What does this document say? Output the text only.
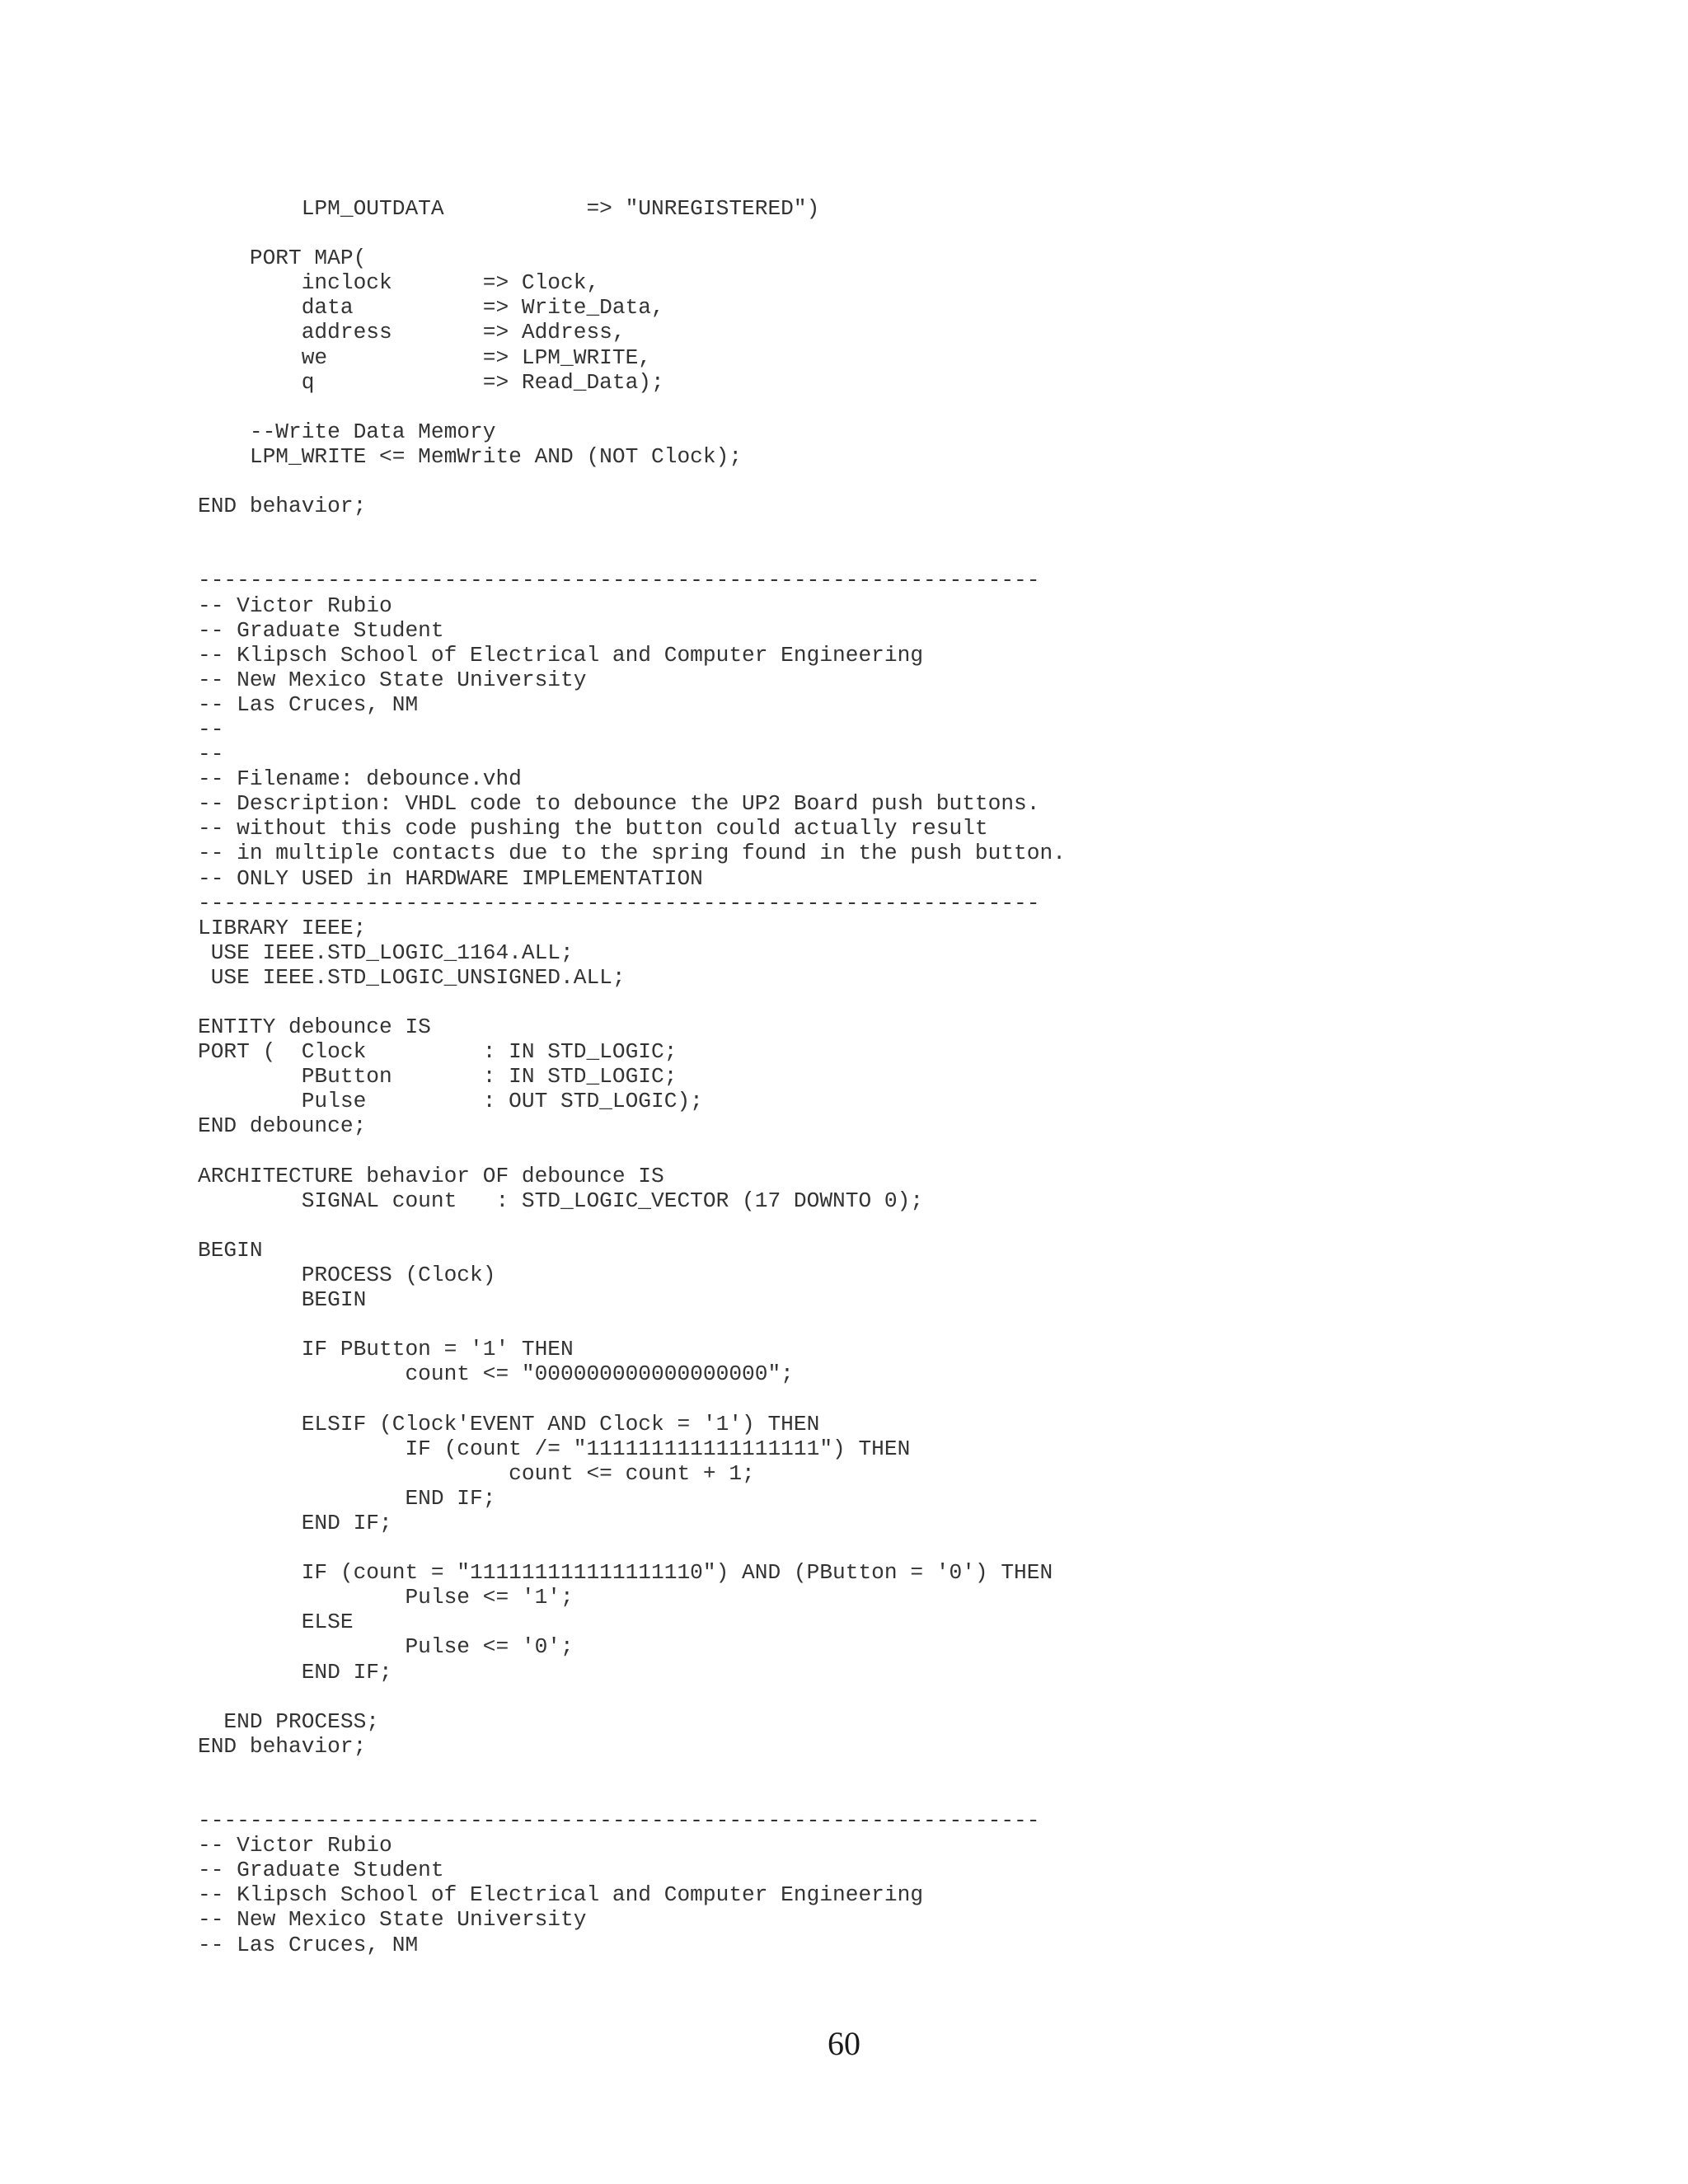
LPM_OUTDATA           => "UNREGISTERED")

PORT MAP(
inclock       => Clock,
data          => Write_Data,
address       => Address,
we            => LPM_WRITE,
q             => Read_Data);

--Write Data Memory
LPM_WRITE <= MemWrite AND (NOT Clock);

END behavior;

-----------------------------------------------------------------
-- Victor Rubio
-- Graduate Student
-- Klipsch School of Electrical and Computer Engineering
-- New Mexico State University
-- Las Cruces, NM
--
--
-- Filename: debounce.vhd
-- Description: VHDL code to debounce the UP2 Board push buttons.
-- without this code pushing the button could actually result
-- in multiple contacts due to the spring found in the push button.
-- ONLY USED in HARDWARE IMPLEMENTATION
-----------------------------------------------------------------
LIBRARY IEEE;
USE IEEE.STD_LOGIC_1164.ALL;
USE IEEE.STD_LOGIC_UNSIGNED.ALL;

ENTITY debounce IS
PORT (  Clock         : IN STD_LOGIC;
PButton       : IN STD_LOGIC;
Pulse         : OUT STD_LOGIC);
END debounce;

ARCHITECTURE behavior OF debounce IS
SIGNAL count   : STD_LOGIC_VECTOR (17 DOWNTO 0);

BEGIN
PROCESS (Clock)
BEGIN

IF PButton = '1' THEN
count <= "000000000000000000";

ELSIF (Clock'EVENT AND Clock = '1') THEN
IF (count /= "111111111111111111") THEN
count <= count + 1;
END IF;
END IF;

IF (count = "111111111111111110") AND (PButton = '0') THEN
Pulse <= '1';
ELSE
Pulse <= '0';
END IF;

END PROCESS;
END behavior;

-----------------------------------------------------------------
-- Victor Rubio
-- Graduate Student
-- Klipsch School of Electrical and Computer Engineering
-- New Mexico State University
-- Las Cruces, NM
60
